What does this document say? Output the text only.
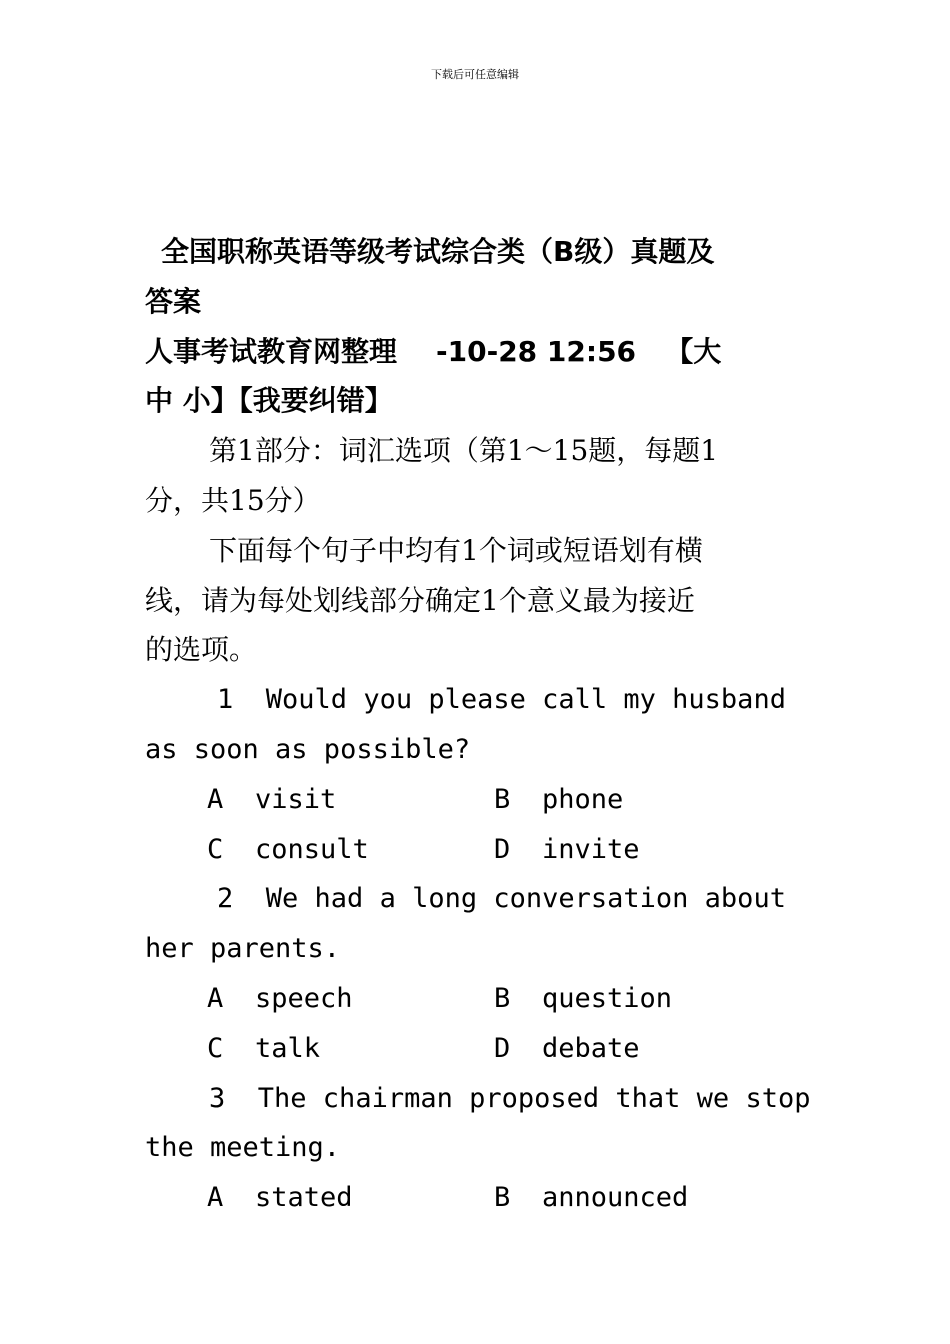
下载后可任意编辑
全国职称英语等级考试综合类（B级）真题及
答案
人事考试教育网整理    -10-28 12:56   【大
中 小】【我要纠错】
第1部分：词汇选项（第1～15题，每题1
分，共15分）
下面每个句子中均有1个词或短语划有横
线，请为每处划线部分确定1个意义最为接近
的选项。
1 Would you please call my husband
as soon as possible?
A visit	B phone
C consult	D invite
2 We had a long conversation about
her parents.
A speech	B question
C talk	D debate
3 The chairman proposed that we stop
the meeting.
A stated	B announced
